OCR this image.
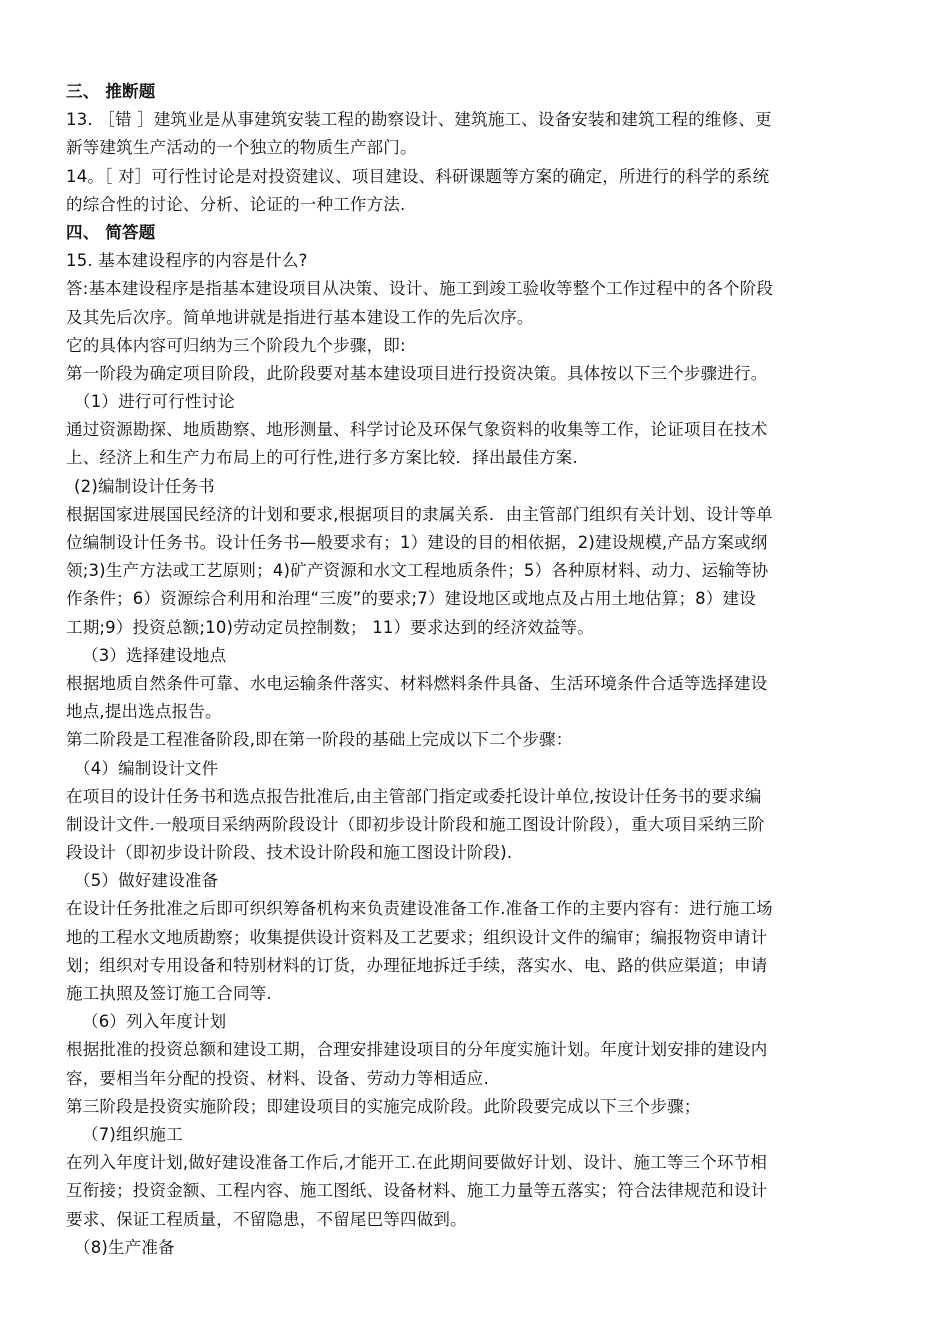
三、 推断题
13. ［错 ］建筑业是从事建筑安装工程的勘察设计、建筑施工、设备安装和建筑工程的维修、更
新等建筑生产活动的一个独立的物质生产部门。
14。［ 对］可行性讨论是对投资建议、项目建设、科研课题等方案的确定，所进行的科学的系统
的综合性的讨论、分析、论证的一种工作方法.
四、 简答题
15. 基本建设程序的内容是什么?
答:基本建设程序是指基本建设项目从决策、设计、施工到竣工验收等整个工作过程中的各个阶段
及其先后次序。简单地讲就是指进行基本建设工作的先后次序。
它的具体内容可归纳为三个阶段九个步骤，即:
第一阶段为确定项目阶段，此阶段要对基本建设项目进行投资决策。具体按以下三个步骤进行。
（1）进行可行性讨论
通过资源勘探、地质勘察、地形测量、科学讨论及环保气象资料的收集等工作，论证项目在技术
上、经济上和生产力布局上的可行性,进行多方案比较．择出最佳方案.
(2)编制设计任务书
根据国家进展国民经济的计划和要求,根据项目的隶属关系．由主管部门组织有关计划、设计等单
位编制设计任务书。设计任务书—般要求有；1）建设的目的相依据，2)建设规模,产品方案或纲
领;3)生产方法或工艺原则；4)矿产资源和水文工程地质条件；5）各种原材料、动力、运输等协
作条件；6）资源综合利用和治理“三废”的要求;7）建设地区或地点及占用土地估算；8）建设
工期;9）投资总额;10)劳动定员控制数； 11）要求达到的经济效益等。
（3）选择建设地点
根据地质自然条件可靠、水电运输条件落实、材料燃料条件具备、生活环境条件合适等选择建设
地点,提出选点报告。
第二阶段是工程准备阶段,即在第一阶段的基础上完成以下二个步骤：
（4）编制设计文件
在项目的设计任务书和选点报告批准后,由主管部门指定或委托设计单位,按设计任务书的要求编
制设计文件.一般项目采纳两阶段设计（即初步设计阶段和施工图设计阶段），重大项目采纳三阶
段设计（即初步设计阶段、技术设计阶段和施工图设计阶段).
（5）做好建设准备
在设计任务批准之后即可织织筹备机构来负责建设准备工作.准备工作的主要内容有：进行施工场
地的工程水文地质勘察；收集提供设计资料及工艺要求；组织设计文件的编审；编报物资申请计
划；组织对专用设备和特别材料的订货，办理征地拆迁手续，落实水、电、路的供应渠道；申请
施工执照及签订施工合同等.
（6）列入年度计划
根据批准的投资总额和建设工期，合理安排建设项目的分年度实施计划。年度计划安排的建设内
容，要相当年分配的投资、材料、设备、劳动力等相适应.
第三阶段是投资实施阶段；即建设项目的实施完成阶段。此阶段要完成以下三个步骤；
（7)组织施工
在列入年度计划,做好建设准备工作后,才能开工.在此期间要做好计划、设计、施工等三个环节相
互衔接；投资金额、工程内容、施工图纸、设备材料、施工力量等五落实；符合法律规范和设计
要求、保证工程质量，不留隐患，不留尾巴等四做到。
（8)生产准备
